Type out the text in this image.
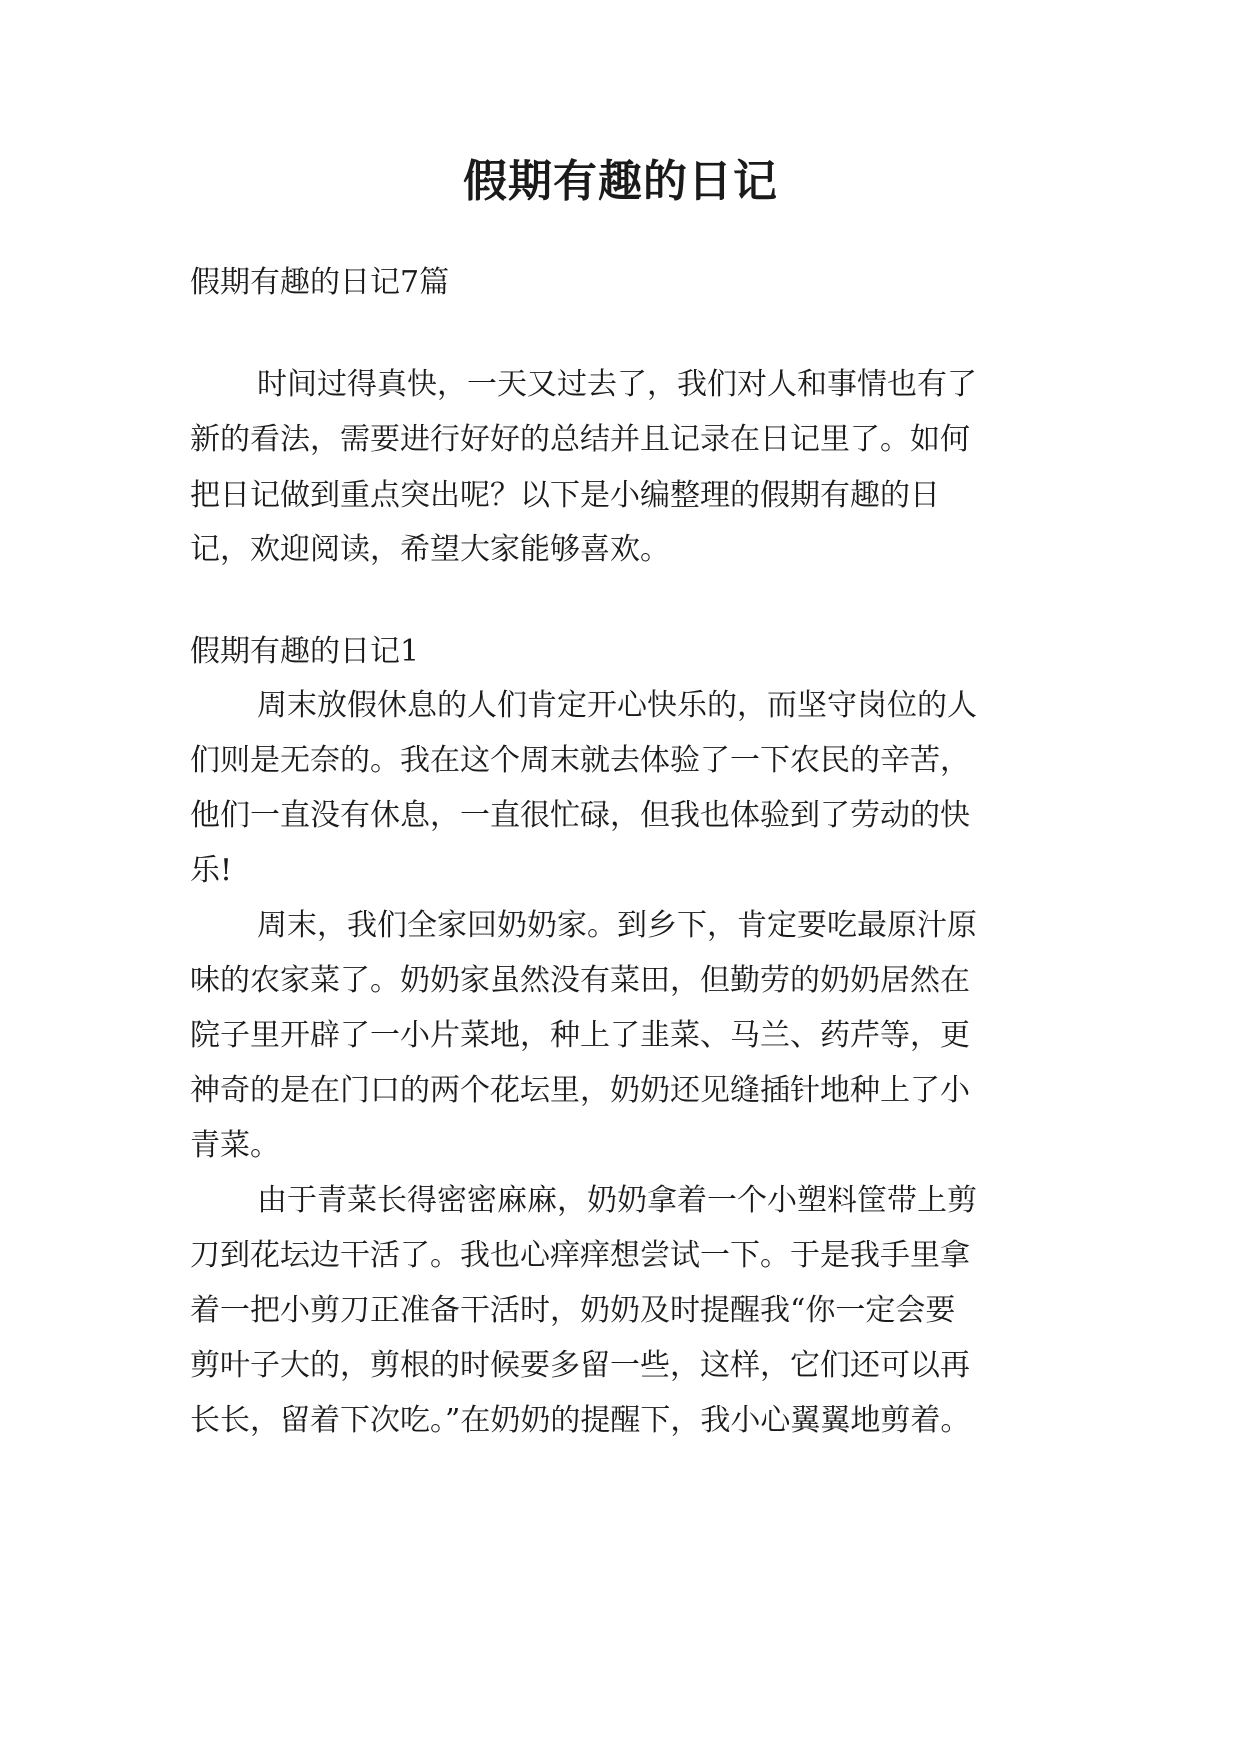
假期有趣的日记

假期有趣的日记7篇

时间过得真快，一天又过去了，我们对人和事情也有了

新的看法，需要进行好好的总结并且记录在日记里了。如何

把日记做到重点突出呢？以下是小编整理的假期有趣的日

记，欢迎阅读，希望大家能够喜欢。

假期有趣的日记1

周末放假休息的人们肯定开心快乐的，而坚守岗位的人

们则是无奈的。我在这个周末就去体验了一下农民的辛苦，

他们一直没有休息，一直很忙碌，但我也体验到了劳动的快

乐!

周末，我们全家回奶奶家。到乡下，肯定要吃最原汁原

味的农家菜了。奶奶家虽然没有菜田，但勤劳的奶奶居然在

院子里开辟了一小片菜地，种上了韭菜、马兰、药芹等，更

神奇的是在门口的两个花坛里，奶奶还见缝插针地种上了小

青菜。

由于青菜长得密密麻麻，奶奶拿着一个小塑料筐带上剪

刀到花坛边干活了。我也心痒痒想尝试一下。于是我手里拿

着一把小剪刀正准备干活时，奶奶及时提醒我“你一定会要

剪叶子大的，剪根的时候要多留一些，这样，它们还可以再

长长，留着下次吃。”在奶奶的提醒下，我小心翼翼地剪着。
